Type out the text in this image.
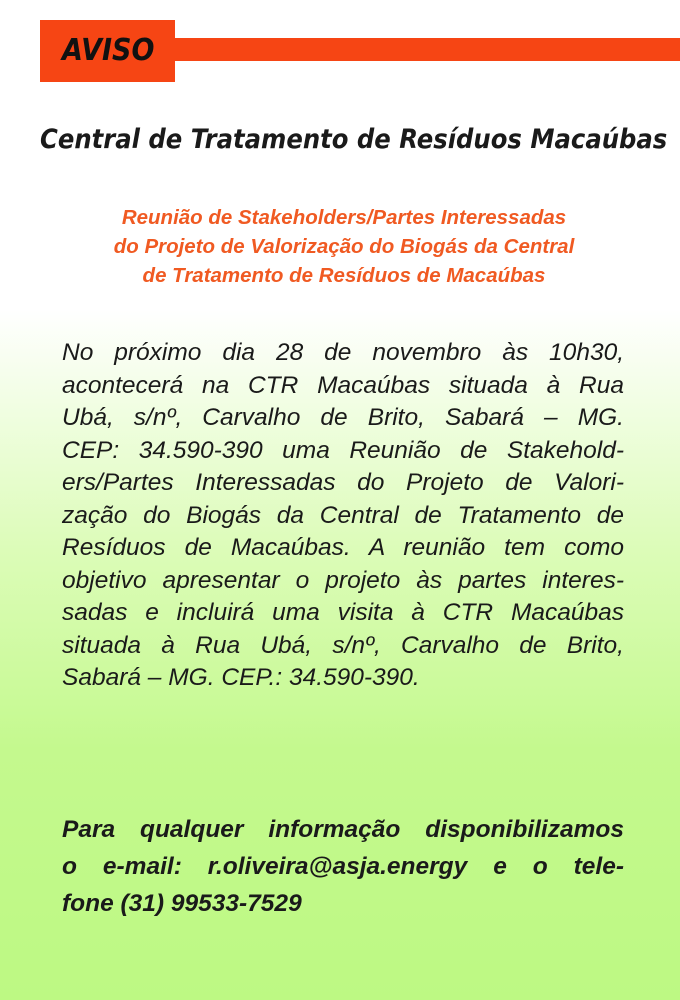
AVISO
Central de Tratamento de Resíduos Macaúbas
Reunião de Stakeholders/Partes Interessadas
do Projeto de Valorização do Biogás da Central
de Tratamento de Resíduos de Macaúbas
No próximo dia 28 de novembro às 10h30,
acontecerá na CTR Macaúbas situada à Rua
Ubá, s/nº, Carvalho de Brito, Sabará – MG.
CEP: 34.590-390 uma Reunião de Stakehold-
ers/Partes Interessadas do Projeto de Valori-
zação do Biogás da Central de Tratamento de
Resíduos de Macaúbas. A reunião tem como
objetivo apresentar o projeto às partes interes-
sadas e incluirá uma visita à CTR Macaúbas
situada à Rua Ubá, s/nº, Carvalho de Brito,
Sabará – MG. CEP.: 34.590-390.
Para qualquer informação disponibilizamos
o e-mail: r.oliveira@asja.energy e o tele-
fone (31) 99533-7529
